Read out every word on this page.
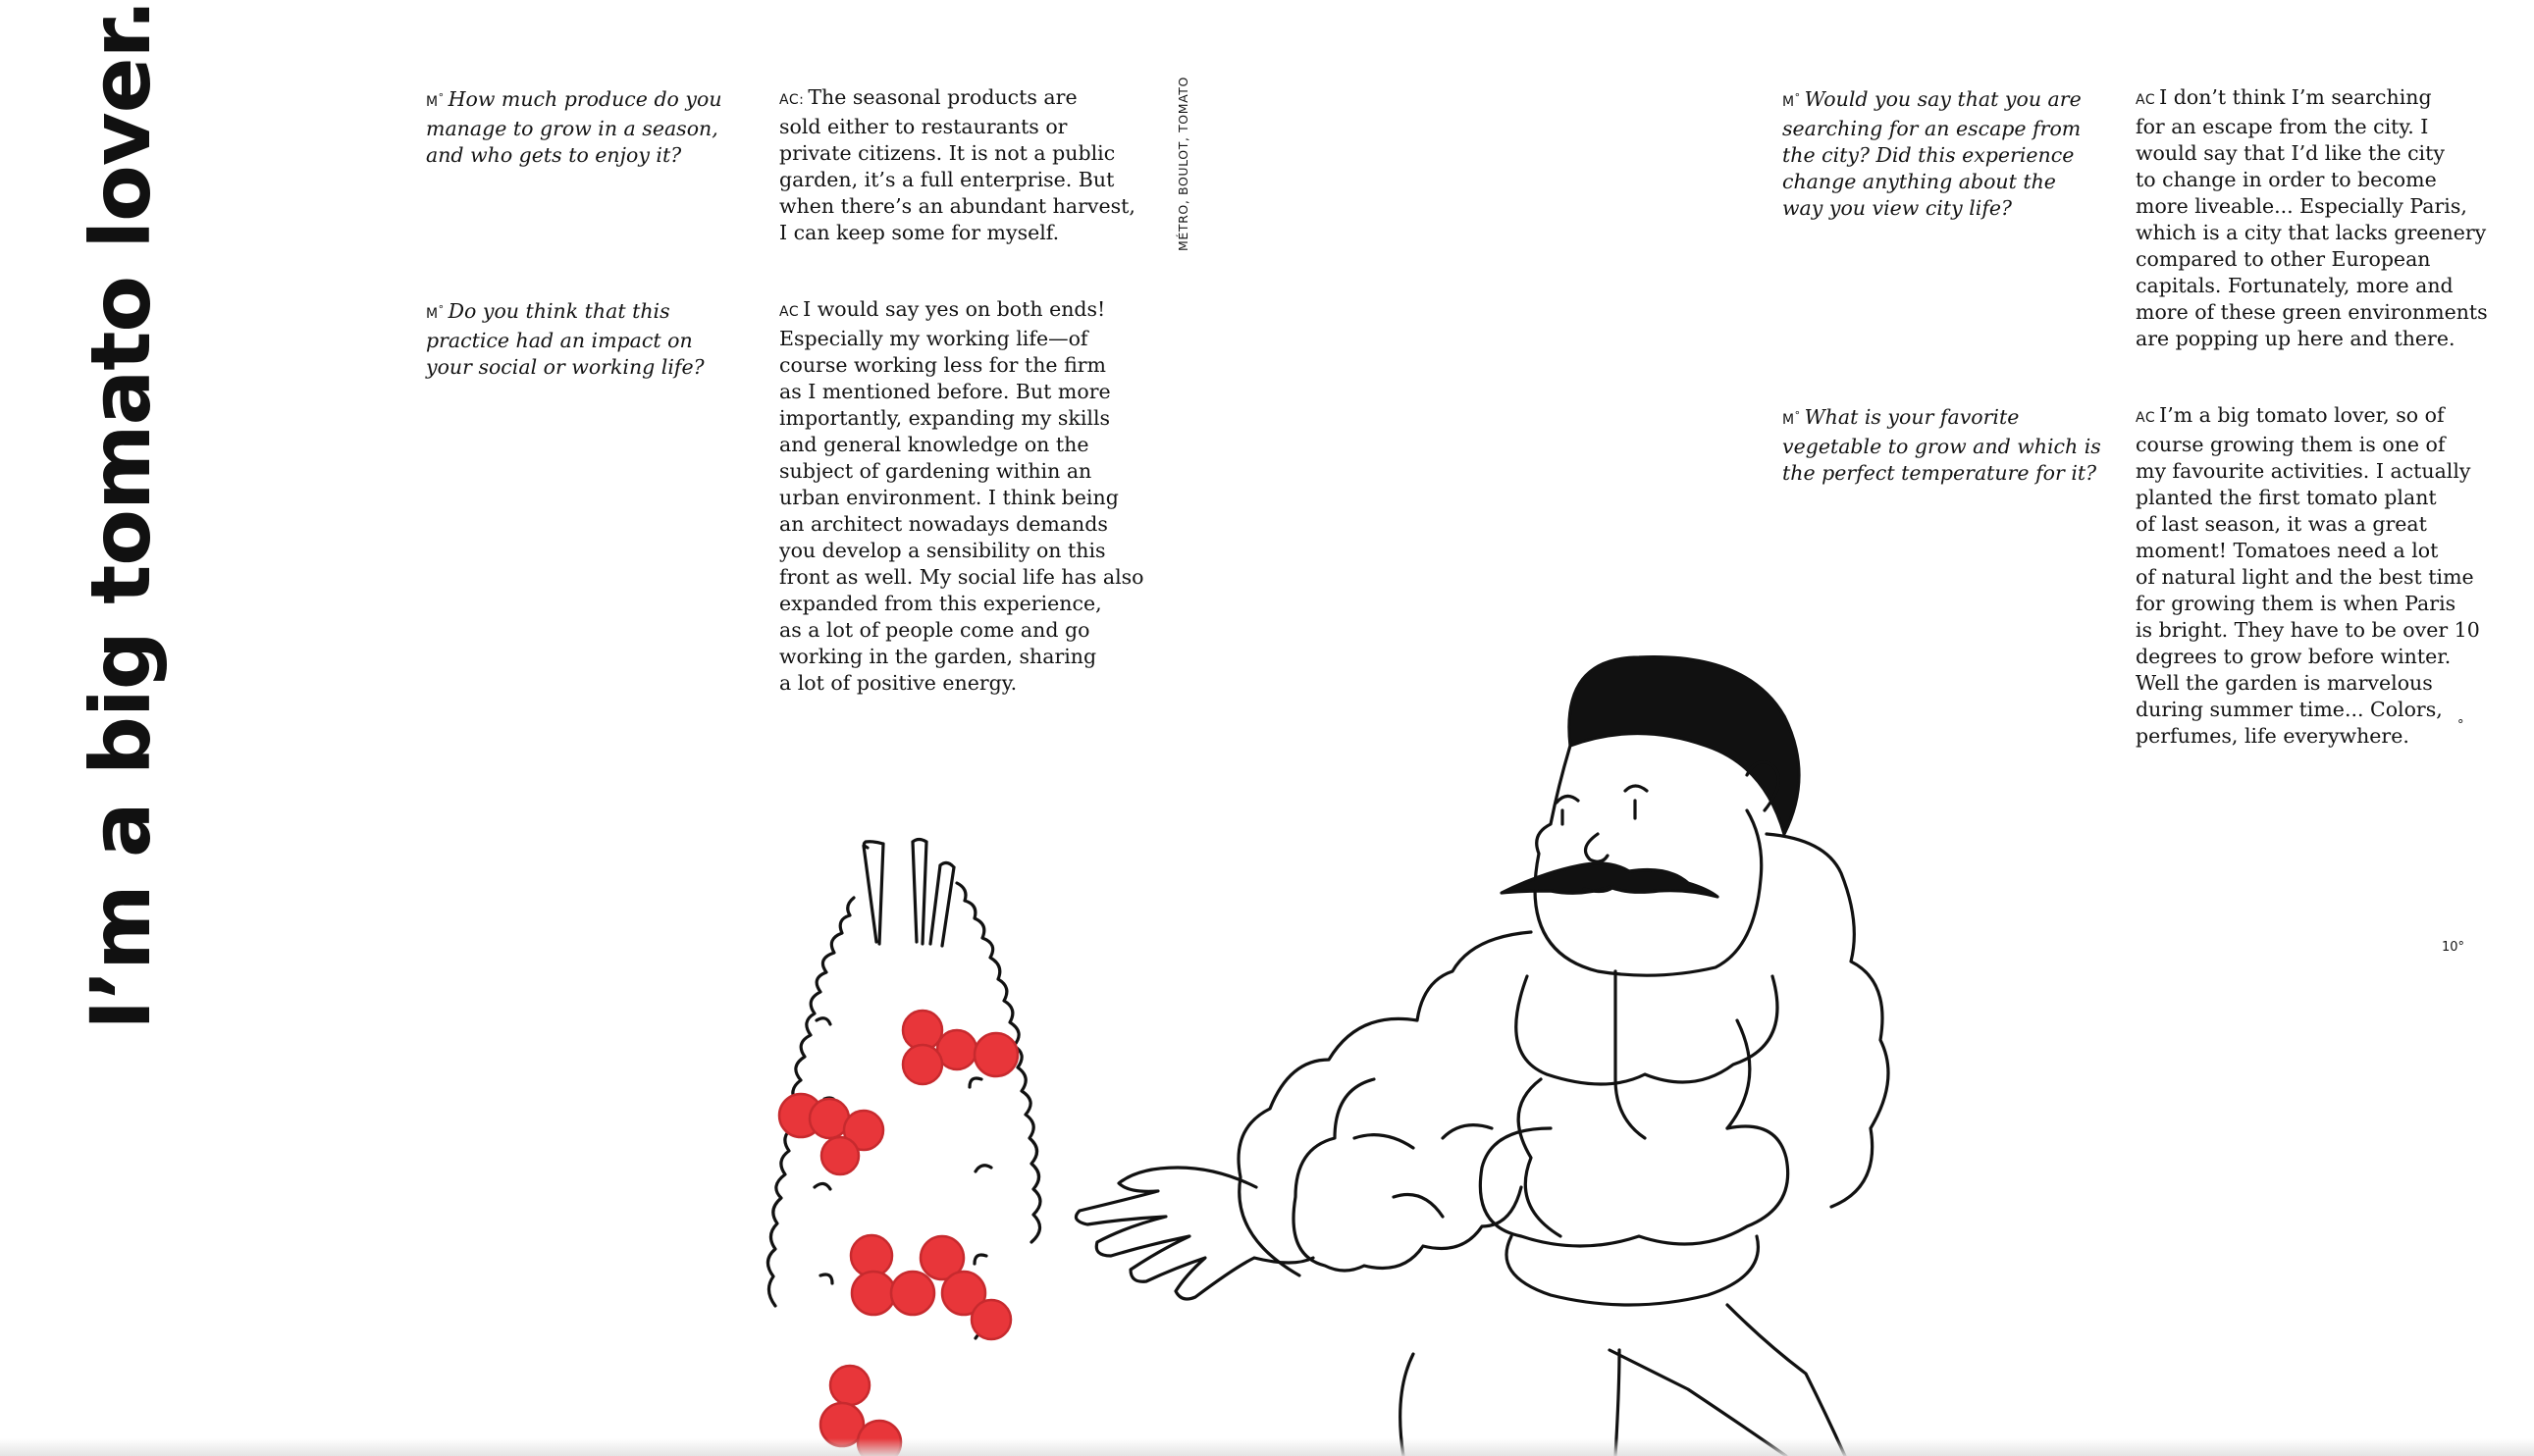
I’m a big tomato lover.	M° How much produce do you
manage to grow in a season,
and who gets to enjoy it?
AC: The seasonal products are
sold either to restaurants or
private citizens. It is not a public
garden, it’s a full enterprise. But
when there’s an abundant harvest,
I can keep some for myself.
M° Do you think that this
practice had an impact on
your social or working life?
AC I would say yes on both ends!
Especially my working life—of
course working less for the firm
as I mentioned before. But more
importantly, expanding my skills
and general knowledge on the
subject of gardening within an
urban environment. I think being
an architect nowadays demands
you develop a sensibility on this
front as well. My social life has also
expanded from this experience,
as a lot of people come and go
working in the garden, sharing
a lot of positive energy.
MÉTRO, BOULOT, TOMATO	M° Would you say that you are
searching for an escape from
the city? Did this experience
change anything about the
way you view city life?
AC I don’t think I’m searching
for an escape from the city. I
would say that I’d like the city
to change in order to become
more liveable... Especially Paris,
which is a city that lacks greenery
compared to other European
capitals. Fortunately, more and
more of these green environments
are popping up here and there.
M° What is your favorite
vegetable to grow and which is
the perfect temperature for it?
AC I’m a big tomato lover, so of
course growing them is one of
my favourite activities. I actually
planted the first tomato plant
of last season, it was a great
moment! Tomatoes need a lot
of natural light and the best time
for growing them is when Paris
is bright. They have to be over 10
degrees to grow before winter.
Well the garden is marvelous
during summer time... Colors,
perfumes, life everywhere.	°
10°
